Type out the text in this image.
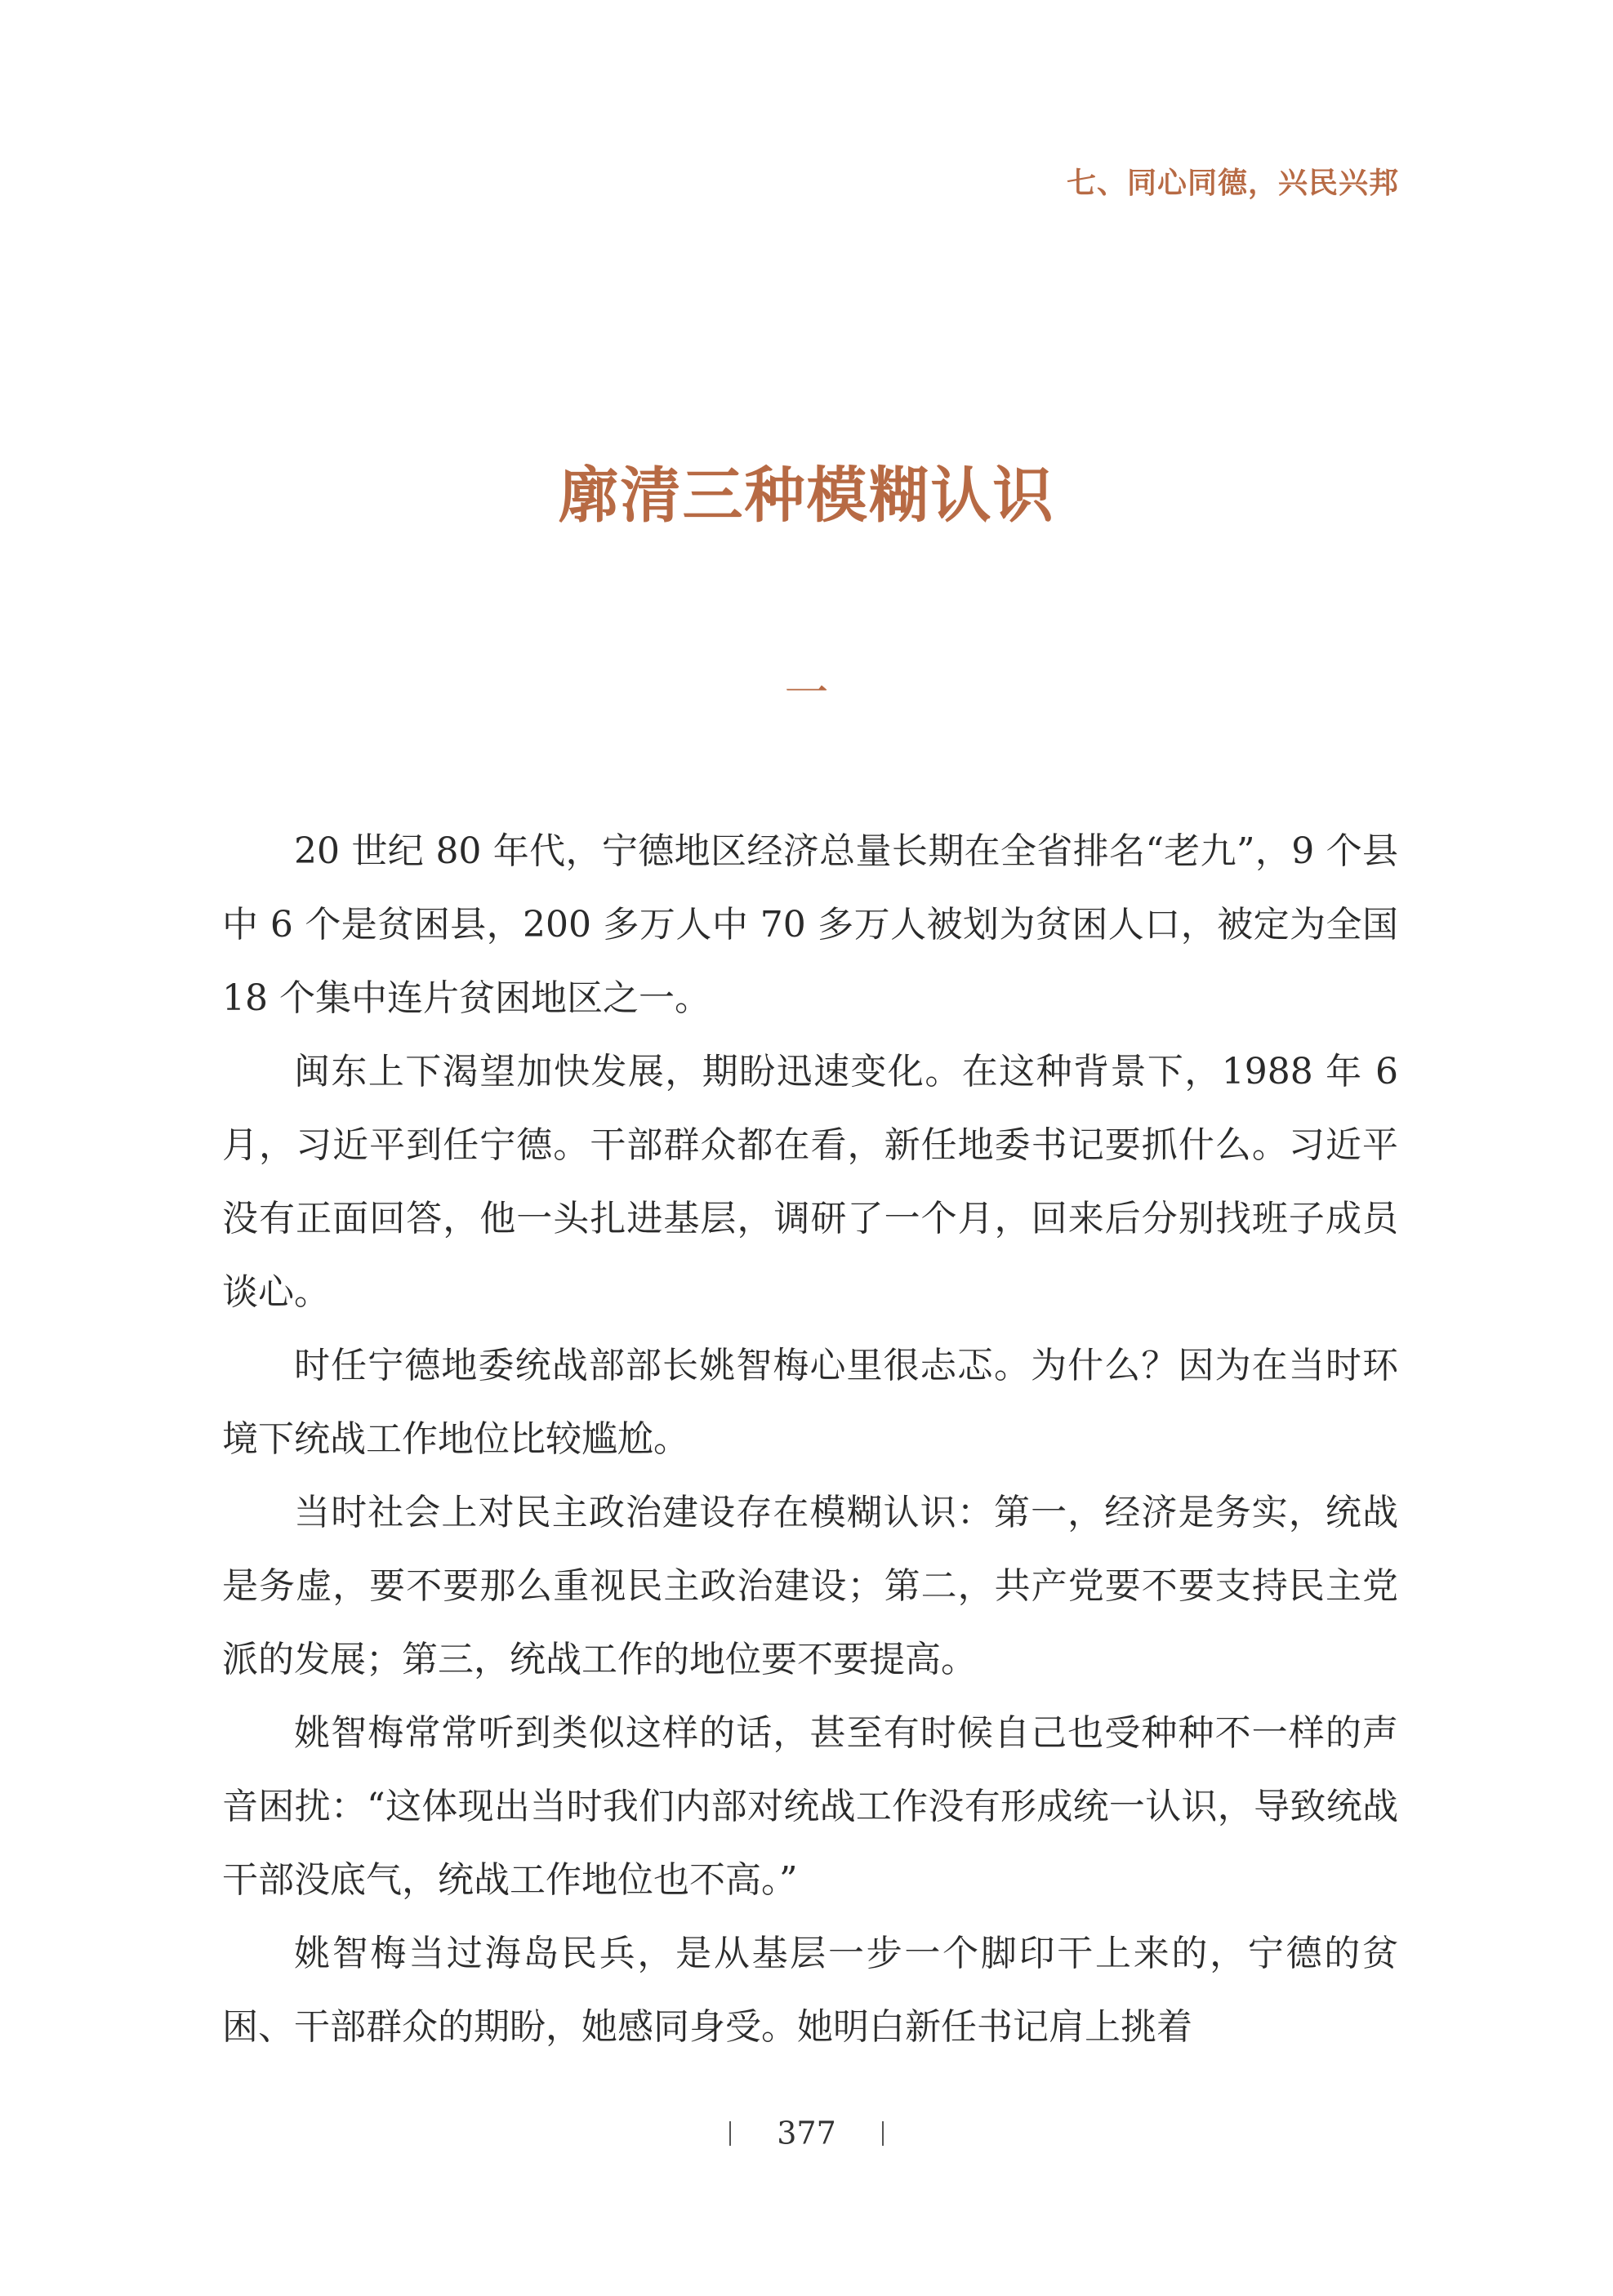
七、同心同德，兴民兴邦
廓清三种模糊认识
一

20 世纪 80 年代，宁德地区经济总量长期在全省排名“老九”，9 个县中 6 个是贫困县，200 多万人中 70 多万人被划为贫困人口，被定为全国 18 个集中连片贫困地区之一。

闽东上下渴望加快发展，期盼迅速变化。在这种背景下，1988 年 6 月，习近平到任宁德。干部群众都在看，新任地委书记要抓什么。习近平没有正面回答，他一头扎进基层，调研了一个月，回来后分别找班子成员谈心。

时任宁德地委统战部部长姚智梅心里很忐忑。为什么？因为在当时环境下统战工作地位比较尴尬。

当时社会上对民主政治建设存在模糊认识：第一，经济是务实，统战是务虚，要不要那么重视民主政治建设；第二，共产党要不要支持民主党派的发展；第三，统战工作的地位要不要提高。

姚智梅常常听到类似这样的话，甚至有时候自己也受种种不一样的声音困扰：“这体现出当时我们内部对统战工作没有形成统一认识，导致统战干部没底气，统战工作地位也不高。”

姚智梅当过海岛民兵，是从基层一步一个脚印干上来的，宁德的贫困、干部群众的期盼，她感同身受。她明白新任书记肩上挑着

377
